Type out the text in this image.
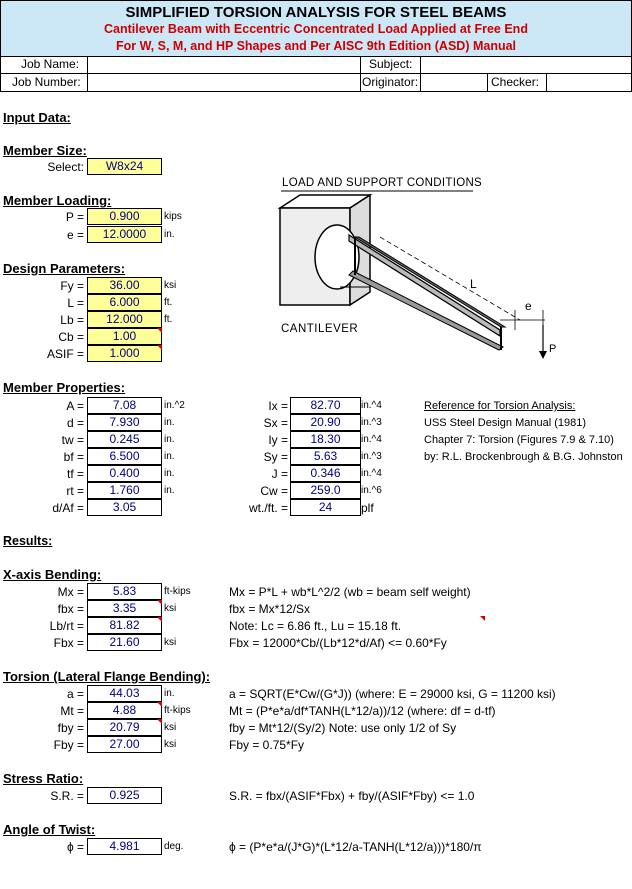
SIMPLIFIED TORSION ANALYSIS FOR STEEL BEAMS
Cantilever Beam with Eccentric Concentrated Load Applied at Free End
For W, S, M, and HP Shapes and Per AISC 9th Edition (ASD) Manual
Job Name:	Subject:
Job Number:	Originator:	Checker:
Input Data:
Member Size:
Select:	W8x24
Member Loading:
P =	0.900	kips
e =	12.0000	in.
Design Parameters:
Fy =	36.00	ksi
L =	6.000	ft.
Lb =	12.000	ft.
Cb =	1.00
ASIF =	1.000
LOAD AND SUPPORT CONDITIONS
CANTILEVER
L
e
P
Member Properties:
A =	7.08	in.^2
d =	7.930	in.
tw =	0.245	in.
bf =	6.500	in.
tf =	0.400	in.
rt =	1.760	in.
d/Af =	3.05
Ix =	82.70	in.^4
Sx =	20.90	in.^3
Iy =	18.30	in.^4
Sy =	5.63	in.^3
J =	0.346	in.^4
Cw =	259.0	in.^6
wt./ft. =	24	plf
Reference for Torsion Analysis:
USS Steel Design Manual (1981)
Chapter 7: Torsion (Figures 7.9 & 7.10)
by: R.L. Brockenbrough & B.G. Johnston
Results:
X-axis Bending:
Mx =	5.83	ft-kips	Mx = P*L + wb*L^2/2 (wb = beam self weight)
fbx =	3.35	ksi	fbx = Mx*12/Sx
Lb/rt =	81.82	Note: Lc = 6.86 ft., Lu = 15.18 ft.
Fbx =	21.60	ksi	Fbx = 12000*Cb/(Lb*12*d/Af) <= 0.60*Fy
Torsion (Lateral Flange Bending):
a =	44.03	in.	a = SQRT(E*Cw/(G*J)) (where: E = 29000 ksi, G = 11200 ksi)
Mt =	4.88	ft-kips	Mt = (P*e*a/df*TANH(L*12/a))/12 (where: df = d-tf)
fby =	20.79	ksi	fby = Mt*12/(Sy/2) Note: use only 1/2 of Sy
Fby =	27.00	ksi	Fby = 0.75*Fy
Stress Ratio:
S.R. =	0.925	S.R. = fbx/(ASIF*Fbx) + fby/(ASIF*Fby) <= 1.0
Angle of Twist:
ϕ =	4.981	deg.	ϕ = (P*e*a/(J*G)*(L*12/a-TANH(L*12/a)))*180/π
